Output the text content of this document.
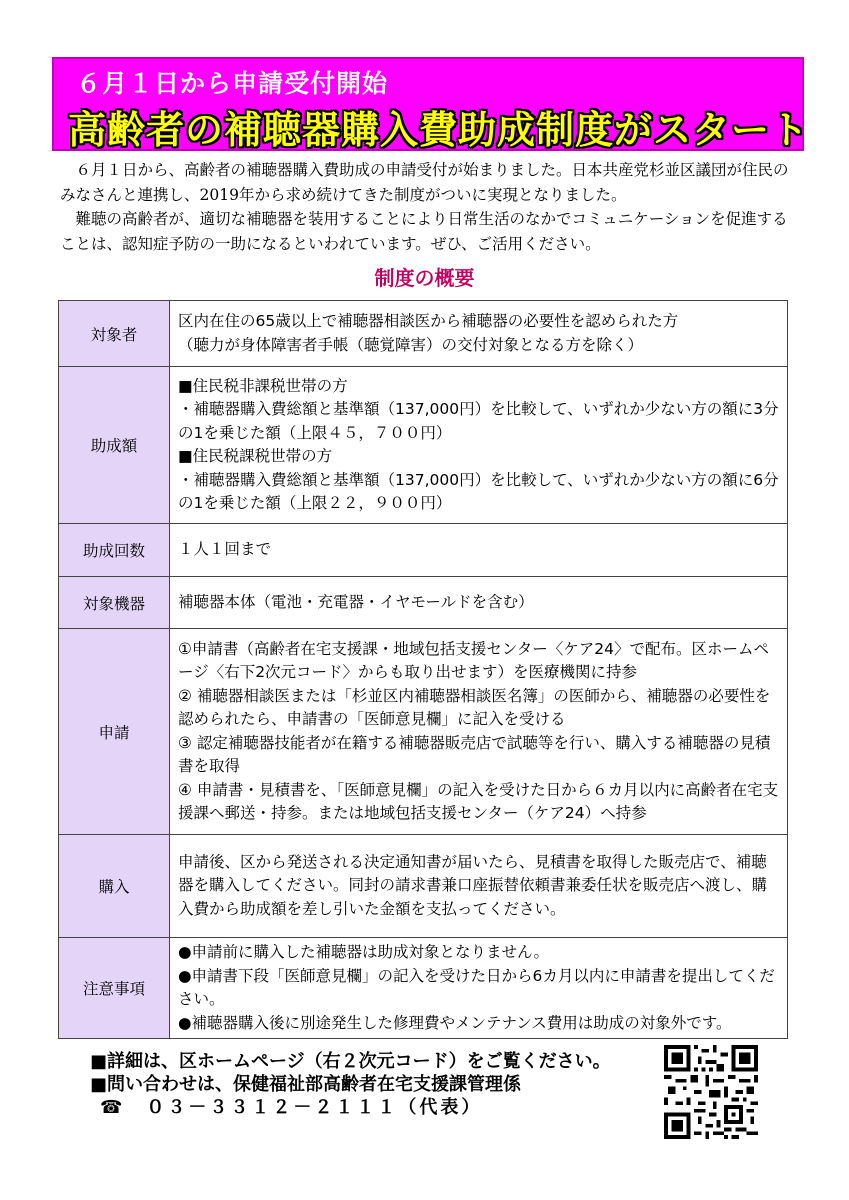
６月１日から申請受付開始
高齢者の補聴器購入費助成制度がスタート

６月１日から、高齢者の補聴器購入費助成の申請受付が始まりました。日本共産党杉並区議団が住民のみなさんと連携し、2019年から求め続けてきた制度がついに実現となりました。

難聴の高齢者が、適切な補聴器を装用することにより日常生活のなかでコミュニケーションを促進することは、認知症予防の一助になるといわれています。ぜひ、ご活用ください。

制度の概要
対象者	区内在住の65歳以上で補聴器相談医から補聴器の必要性を認められた方
（聴力が身体障害者手帳（聴覚障害）の交付対象となる方を除く）

助成額	■住民税非課税世帯の方
・補聴器購入費総額と基準額（137,000円）を比較して、いずれか少ない方の額に3分の1を乗じた額（上限４５，７００円）
■住民税課税世帯の方
・補聴器購入費総額と基準額（137,000円）を比較して、いずれか少ない方の額に6分の1を乗じた額（上限２２，９００円）

助成回数	１人１回まで

対象機器	補聴器本体（電池・充電器・イヤモールドを含む）

申請	①申請書（高齢者在宅支援課・地域包括支援センター〈ケア24〉で配布。区ホームページ〈右下2次元コード〉からも取り出せます）を医療機関に持参
② 補聴器相談医または「杉並区内補聴器相談医名簿」の医師から、補聴器の必要性を認められたら、申請書の「医師意見欄」に記入を受ける
③ 認定補聴器技能者が在籍する補聴器販売店で試聴等を行い、購入する補聴器の見積書を取得
④ 申請書・見積書を、「医師意見欄」の記入を受けた日から６カ月以内に高齢者在宅支援課へ郵送・持参。または地域包括支援センター（ケア24）へ持参

購入	申請後、区から発送される決定通知書が届いたら、見積書を取得した販売店で、補聴器を購入してください。同封の請求書兼口座振替依頼書兼委任状を販売店へ渡し、購入費から助成額を差し引いた金額を支払ってください。

注意事項	●申請前に購入した補聴器は助成対象となりません。
●申請書下段「医師意見欄」の記入を受けた日から6カ月以内に申請書を提出してください。
●補聴器購入後に別途発生した修理費やメンテナンス費用は助成の対象外です。
■詳細は、区ホームページ（右２次元コード）をご覧ください。
■問い合わせは、保健福祉部高齢者在宅支援課管理係
☎　 ０３－３３１２－２１１１（代表）
